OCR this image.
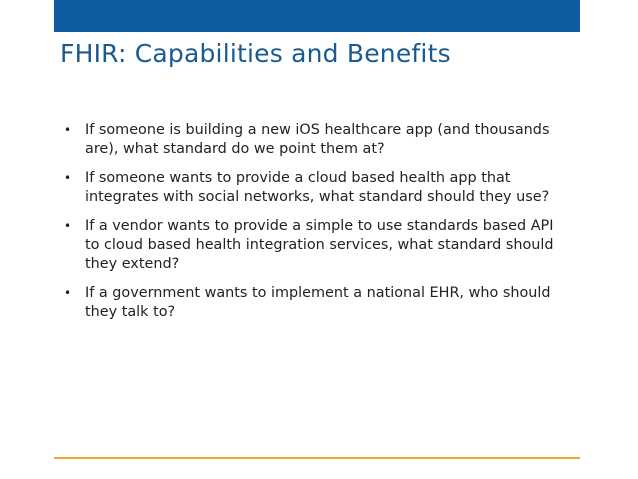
FHIR: Capabilities and Benefits
• If someone is building a new iOS healthcare app (and thousands are), what standard do we point them at?
• If someone wants to provide a cloud based health app that integrates with social networks, what standard should they use?
• If a vendor wants to provide a simple to use standards based API to cloud based health integration services, what standard should they extend?
• If a government wants to implement a national EHR, who should they talk to?
